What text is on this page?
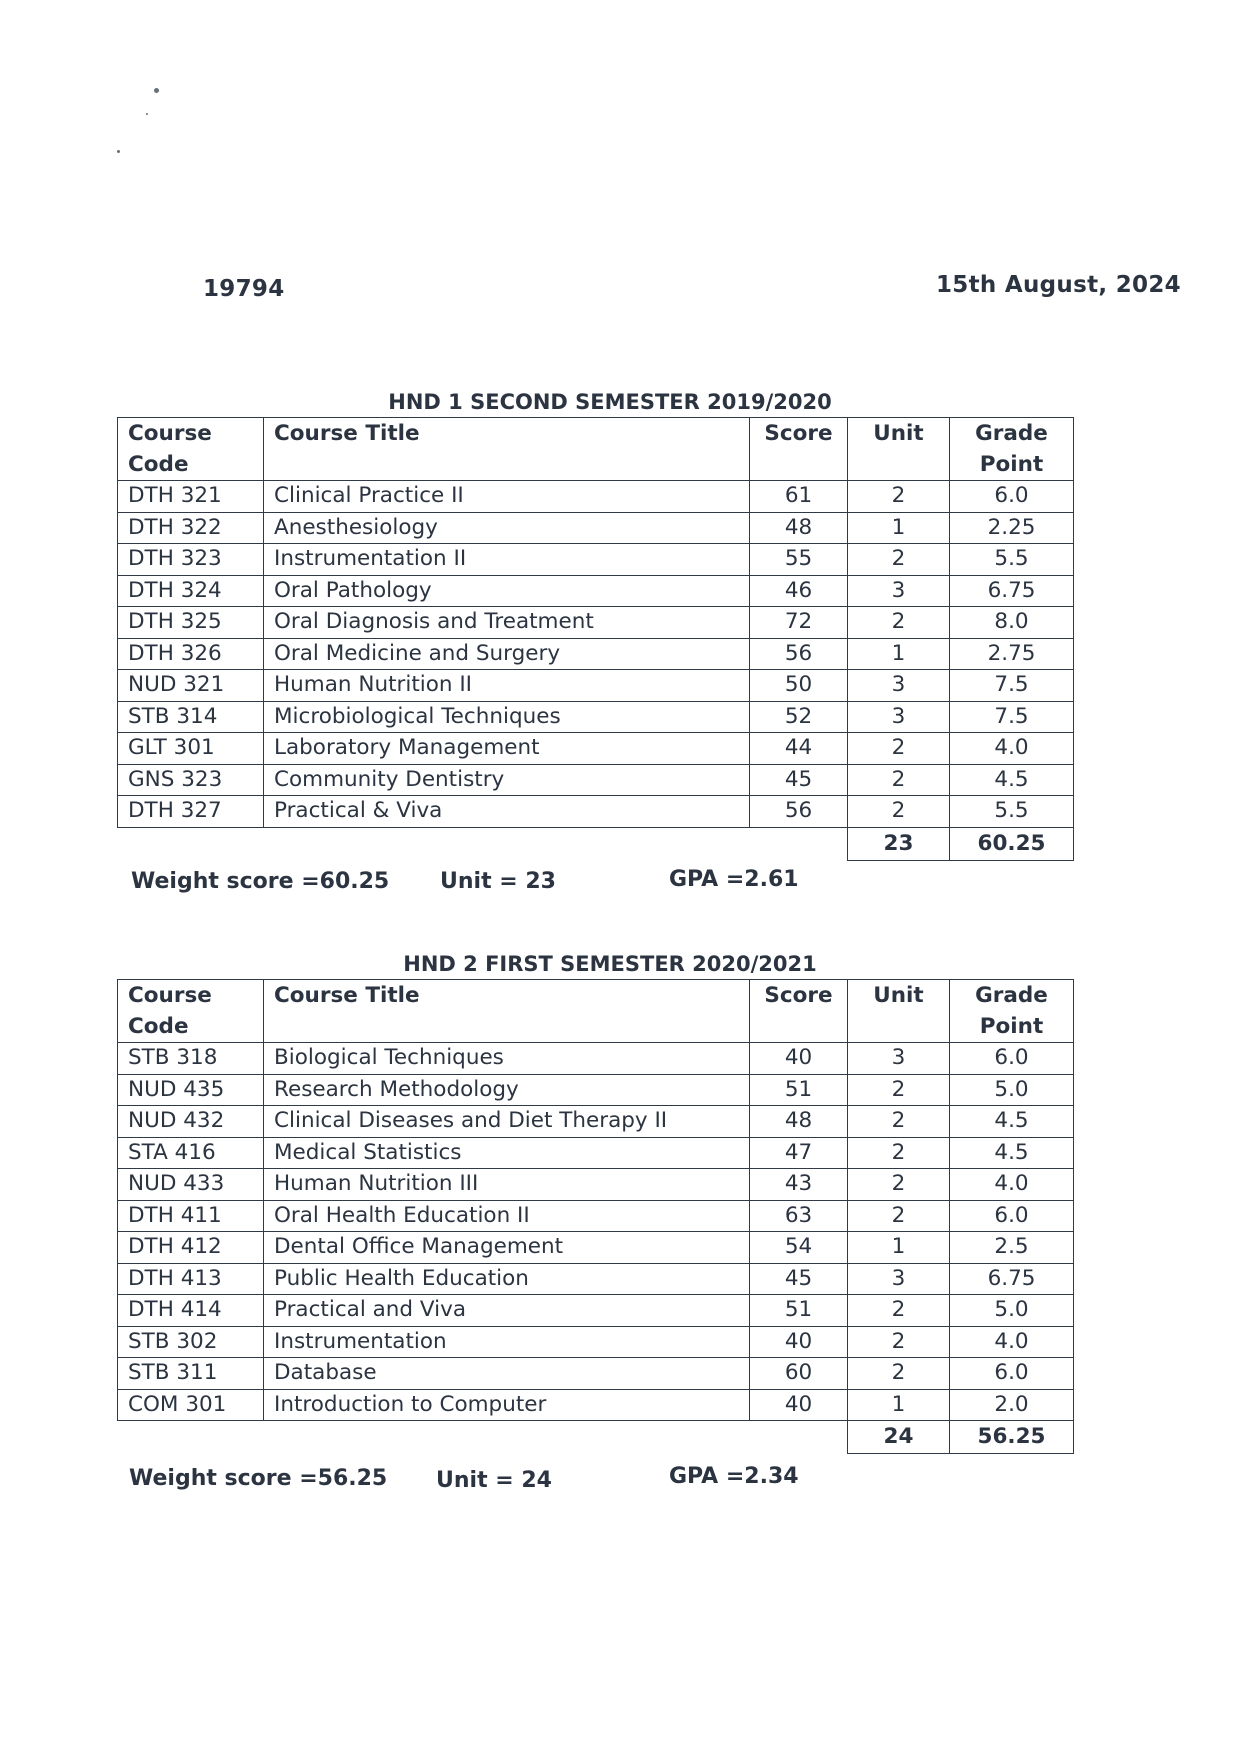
19794	15th August, 2024
HND 1 SECOND SEMESTER 2019/2020
Course Code	Course Title	Score	Unit	Grade Point
DTH 321	Clinical Practice II	61	2	6.0
DTH 322	Anesthesiology	48	1	2.25
DTH 323	Instrumentation II	55	2	5.5
DTH 324	Oral Pathology	46	3	6.75
DTH 325	Oral Diagnosis and Treatment	72	2	8.0
DTH 326	Oral Medicine and Surgery	56	1	2.75
NUD 321	Human Nutrition II	50	3	7.5
STB 314	Microbiological Techniques	52	3	7.5
GLT 301	Laboratory Management	44	2	4.0
GNS 323	Community Dentistry	45	2	4.5
DTH 327	Practical & Viva	56	2	5.5
			23	60.25
Weight score =60.25 Unit = 23	GPA =2.61
HND 2 FIRST SEMESTER 2020/2021
Course Code	Course Title	Score	Unit	Grade Point
STB 318	Biological Techniques	40	3	6.0
NUD 435	Research Methodology	51	2	5.0
NUD 432	Clinical Diseases and Diet Therapy II	48	2	4.5
STA 416	Medical Statistics	47	2	4.5
NUD 433	Human Nutrition III	43	2	4.0
DTH 411	Oral Health Education II	63	2	6.0
DTH 412	Dental Office Management	54	1	2.5
DTH 413	Public Health Education	45	3	6.75
DTH 414	Practical and Viva	51	2	5.0
STB 302	Instrumentation	40	2	4.0
STB 311	Database	60	2	6.0
COM 301	Introduction to Computer	40	1	2.0
			24	56.25
Weight score =56.25 Unit = 24	GPA =2.34
